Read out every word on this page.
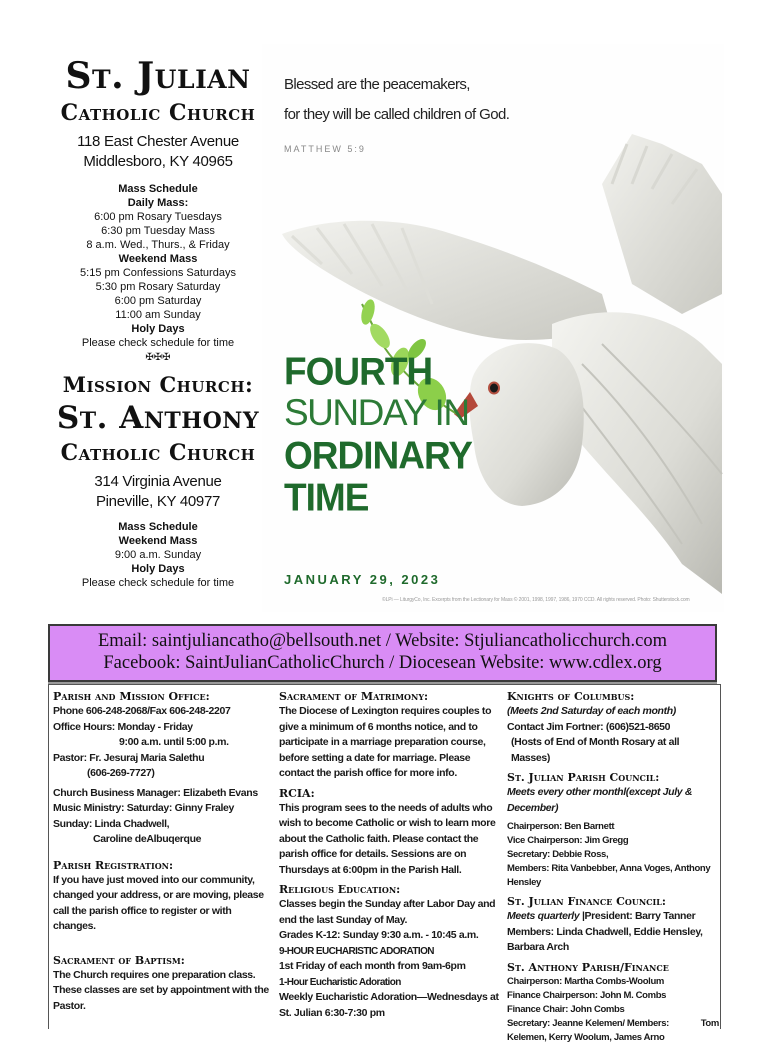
St. Julian
Catholic Church
118 East Chester Avenue
Middlesboro, KY 40965
Mass Schedule
Daily Mass:
6:00 pm Rosary Tuesdays
6:30 pm Tuesday Mass
8 a.m. Wed., Thurs., & Friday
Weekend Mass
5:15 pm Confessions Saturdays
5:30 pm Rosary Saturday
6:00 pm Saturday
11:00 am Sunday
Holy Days
Please check schedule for time
✠✠✠
Mission Church:
St. Anthony
Catholic Church
314 Virginia Avenue
Pineville, KY 40977
Mass Schedule
Weekend Mass
9:00 a.m. Sunday
Holy Days
Please check schedule for time
Blessed are the peacemakers,
for they will be called children of God.
MATTHEW 5:9
FOURTH
SUNDAY IN
ORDINARY
TIME
JANUARY 29, 2023
©LPi — LiturgyCo, Inc. Excerpts from the Lectionary for Mass © 2001, 1998, 1997, 1986, 1970 CCD. All rights reserved. Photo: Shutterstock.com
Email: saintjuliancatho@bellsouth.net / Website: Stjuliancatholicchurch.com
Facebook: SaintJulianCatholicChurch / Diocesean Website: www.cdlex.org
Parish and Mission Office:
Phone 606-248-2068/Fax 606-248-2207
Office Hours: Monday - Friday
9:00 a.m. until 5:00 p.m.
Pastor: Fr. Jesuraj Maria Salethu
(606-269-7727)
Church Business Manager: Elizabeth Evans
Music Ministry: Saturday: Ginny Fraley
Sunday: Linda Chadwell,
Caroline deAlbuqerque
Parish Registration:
If you have just moved into our community, changed your address, or are moving, please call the parish office to register or with changes.
Sacrament of Baptism:
The Church requires one preparation class. These classes are set by appointment with the Pastor.
Sacrament of Matrimony:
The Diocese of Lexington requires couples to give a minimum of 6 months notice, and to participate in a marriage preparation course, before setting a date for marriage. Please contact the parish office for more info.
RCIA:
This program sees to the needs of adults who wish to become Catholic or wish to learn more about the Catholic faith. Please contact the parish office for details. Sessions are on Thursdays at 6:00pm in the Parish Hall.
Religious Education:
Classes begin the Sunday after Labor Day and end the last Sunday of May.
Grades K-12: Sunday 9:30 a.m. - 10:45 a.m.
9-HOUR EUCHARISTIC ADORATION
1st Friday of each month from 9am-6pm
1-Hour Eucharistic Adoration
Weekly Eucharistic Adoration—Wednesdays at St. Julian 6:30-7:30 pm
Knights of Columbus:
(Meets 2nd Saturday of each month)
Contact Jim Fortner: (606)521-8650
(Hosts of End of Month Rosary at all Masses)
St. Julian Parish Council:
Meets every other monthl(except July & December)
Chairperson: Ben Barnett
Vice Chairperson: Jim Gregg
Secretary: Debbie Ross,
Members: Rita Vanbebber, Anna Voges, Anthony Hensley
St. Julian Finance Council:
Meets quarterly |President: Barry Tanner
Members: Linda Chadwell, Eddie Hensley, Barbara Arch
St. Anthony Parish/Finance
Chairperson: Martha Combs-Woolum
Finance Chairperson: John M. Combs
Finance Chair: John Combs
Secretary: Jeanne Kelemen/ Members:	Tom
Kelemen, Kerry Woolum, James Arno
